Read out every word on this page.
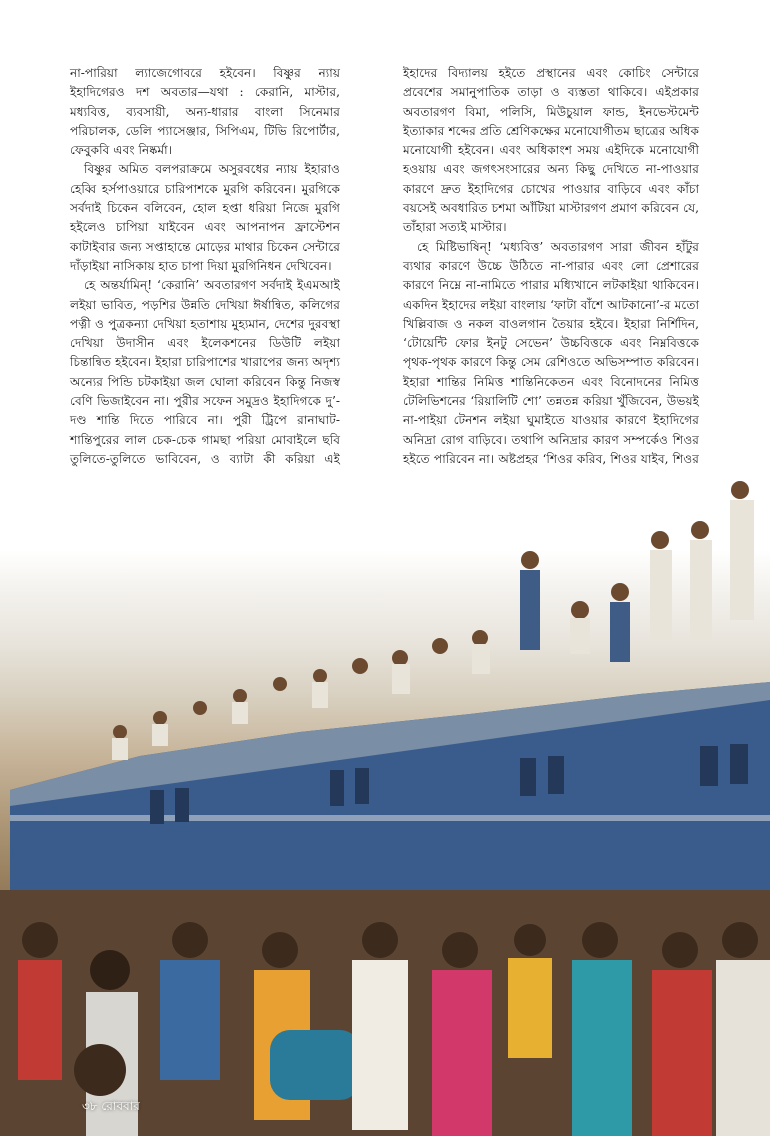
না-পারিয়া ল্যাজেগোবরে হইবেন। বিষ্ণুর ন্যায় ইহাদিগেরও দশ অবতার—যথা : কেরানি, মাস্টার, মধ্যবিত্ত, ব্যবসায়ী, অন্য-ধারার বাংলা সিনেমার পরিচালক, ডেলি প্যাসেঞ্জার, সিপিএম, টিভি রিপোর্টার, ফেবুকবি এবং নিষ্কর্মা।

বিষ্ণুর অমিত বলপরাক্রমে অসুরবধের ন্যায় ইহারাও হেব্বি হর্সপাওয়ারে চারিপাশকে মুরগি করিবেন। মুরগিকে সর্বদাই চিকেন বলিবেন, হোল হপ্তা ধরিয়া নিজে মুরগি হইলেও চাপিয়া যাইবেন এবং আপনাপন ফ্রাস্টেশন কাটাইবার জন্য সপ্তাহান্তে মোড়ের মাথার চিকেন সেন্টারে দাঁড়াইয়া নাসিকায় হাত চাপা দিয়া মুরগিনিধন দেখিবেন।

হে অন্তর্যামিন্! ‘কেরানি’ অবতারগণ সর্বদাই ইএমআই লইয়া ভাবিত, পড়শির উন্নতি দেখিয়া ঈর্ষান্বিত, কলিগের পত্নী ও পুত্রকন্যা দেখিয়া হতাশায় মুহ্যমান, দেশের দুরবস্থা দেখিয়া উদাসীন এবং ইলেকশনের ডিউটি লইয়া চিন্তান্বিত হইবেন। ইহারা চারিপাশের খারাপের জন্য অদৃশ্য অন্যের পিন্ডি চটকাইয়া জল ঘোলা করিবেন কিন্তু নিজস্ব বেণি ভিজাইবেন না। পুরীর সফেন সমুদ্রও ইহাদিগকে দু’-দণ্ড শান্তি দিতে পারিবে না। পুরী ট্রিপে রানাঘাট-শান্তিপুরের লাল চেক-চেক গামছা পরিয়া মোবাইলে ছবি তুলিতে-তুলিতে ভাবিবেন, ও ব্যাটা কী করিয়া এই

ইহাদের বিদ্যালয় হইতে প্রস্থানের এবং কোচিং সেন্টারে প্রবেশের সমানুপাতিক তাড়া ও ব্যস্ততা থাকিবে। এইপ্রকার অবতারগণ বিমা, পলিসি, মিউচুয়াল ফান্ড, ইনভেস্টমেন্ট ইত্যাকার শব্দের প্রতি শ্রেণিকক্ষের মনোযোগীতম ছাত্রের অধিক মনোযোগী হইবেন। এবং অধিকাংশ সময় এইদিকে মনোযোগী হওয়ায় এবং জগৎসংসারের অন্য কিছু দেখিতে না-পাওয়ার কারণে দ্রুত ইহাদিগের চোখের পাওয়ার বাড়িবে এবং কাঁচা বয়সেই অবধারিত চশমা আঁটিয়া মাস্টারগণ প্রমাণ করিবেন যে, তাঁহারা সত্যই মাস্টার।

হে মিষ্টিভাষিন্! ‘মধ্যবিত্ত’ অবতারগণ সারা জীবন হাঁটুর ব্যথার কারণে উচ্চে উঠিতে না-পারার এবং লো প্রেশারের কারণে নিম্নে না-নামিতে পারার মধ্যিখানে লটকাইয়া থাকিবেন। একদিন ইহাদের লইয়া বাংলায় ‘ফাটা বাঁশে আটকানো’-র মতো খিল্লিবাজ ও নকল বাওলগান তৈয়ার হইবে। ইহারা নির্শিদিন, ‘টোয়েন্টি ফোর ইনটু সেভেন’ উচ্চবিত্তকে এবং নিম্নবিত্তকে পৃথক-পৃথক কারণে কিন্তু সেম রেশিওতে অভিসম্পাত করিবেন। ইহারা শান্তির নিমিত্ত শান্তিনিকেতন এবং বিনোদনের নিমিত্ত টেলিভিশনের ‘রিয়ালিটি শো’ তন্নতন্ন করিয়া খুঁজিবেন, উভয়ই না-পাইয়া টেনশন লইয়া ঘুমাইতে যাওয়ার কারণে ইহাদিগের অনিদ্রা রোগ বাড়িবে। তথাপি অনিদ্রার কারণ সম্পর্কেও শিওর হইতে পারিবেন না। অষ্টপ্রহর ‘শিওর করিব, শিওর যাইব, শিওর

৩৮ রোববার
